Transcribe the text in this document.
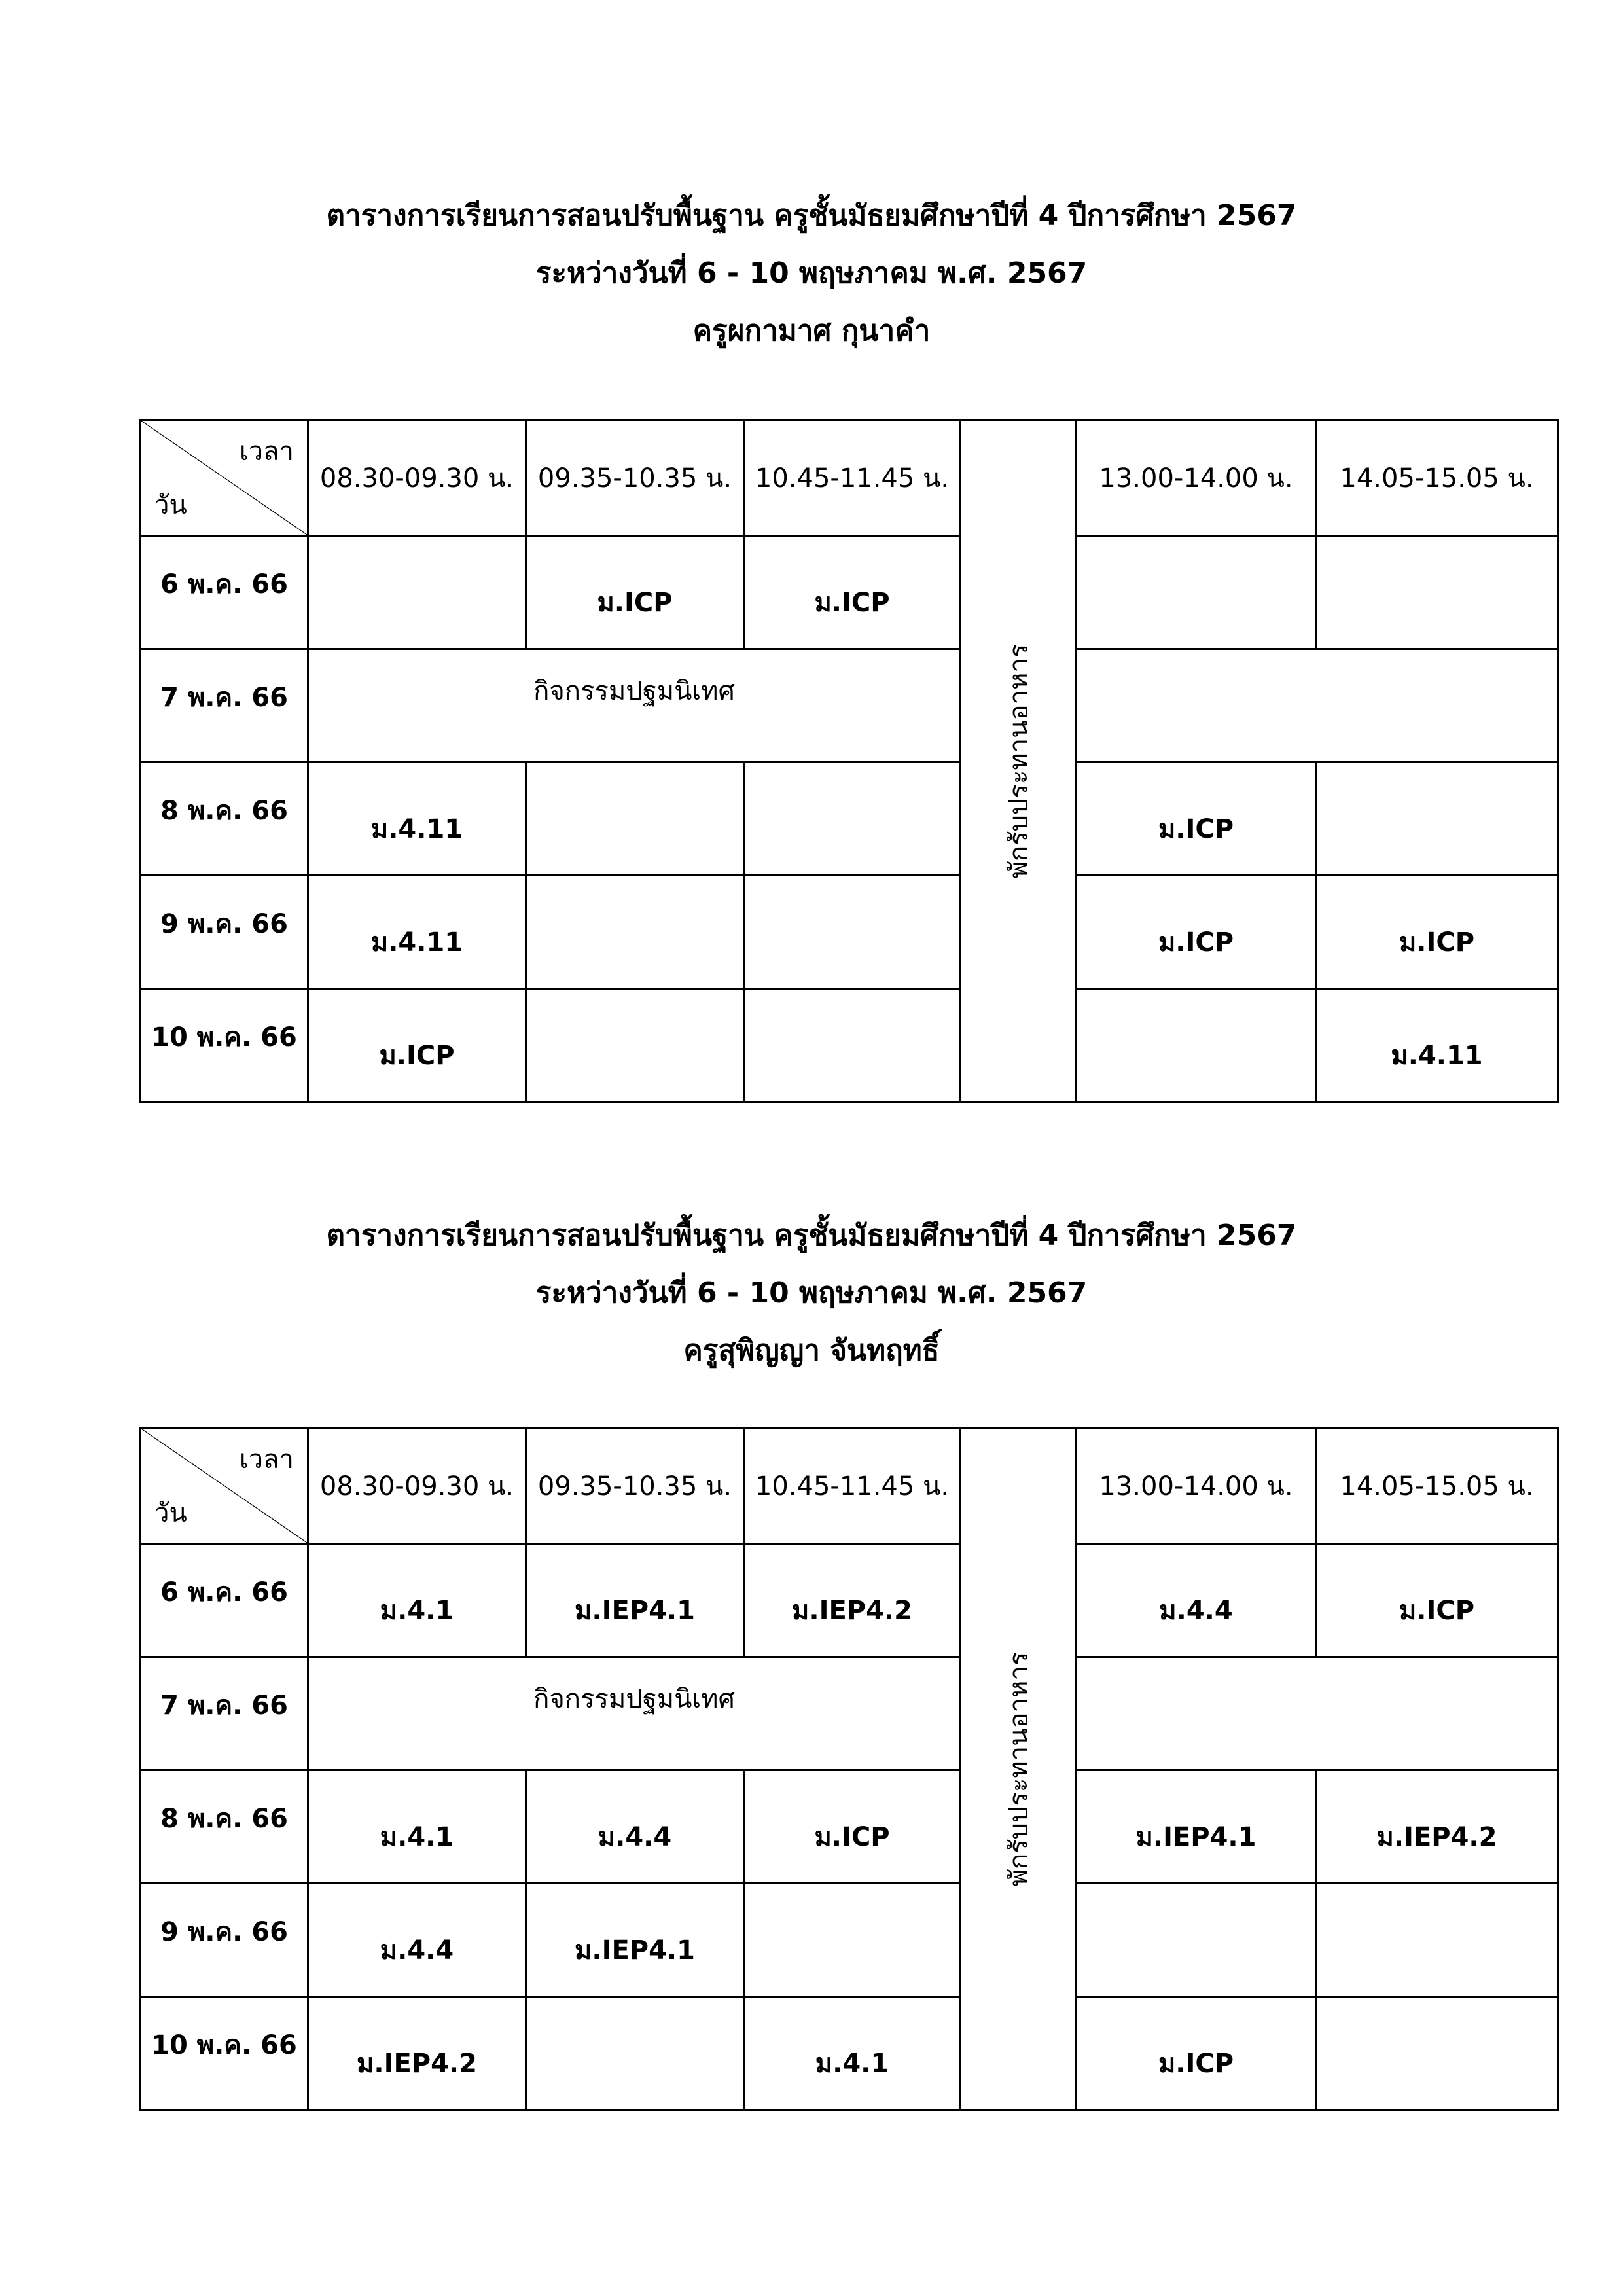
ตารางการเรียนการสอนปรับพื้นฐาน ครูชั้นมัธยมศึกษาปีที่ 4 ปีการศึกษา 2567
ระหว่างวันที่ 6 - 10 พฤษภาคม พ.ศ. 2567
ครูผกามาศ กุนาคำ
เวลา
วัน	08.30-09.30 น.	09.35-10.35 น.	10.45-11.45 น.	พักรับประทานอาหาร	13.00-14.00 น.	14.05-15.05 น.
6 พ.ค. 66		ม.ICP	ม.ICP			
7 พ.ค. 66	กิจกรรมปฐมนิเทศ					
8 พ.ค. 66	ม.4.11				ม.ICP	
9 พ.ค. 66	ม.4.11				ม.ICP	ม.ICP
10 พ.ค. 66	ม.ICP					ม.4.11
ตารางการเรียนการสอนปรับพื้นฐาน ครูชั้นมัธยมศึกษาปีที่ 4 ปีการศึกษา 2567
ระหว่างวันที่ 6 - 10 พฤษภาคม พ.ศ. 2567
ครูสุพิญญา จันทฤทธิ์
เวลา
วัน	08.30-09.30 น.	09.35-10.35 น.	10.45-11.45 น.	พักรับประทานอาหาร	13.00-14.00 น.	14.05-15.05 น.
6 พ.ค. 66	ม.4.1	ม.IEP4.1	ม.IEP4.2		ม.4.4	ม.ICP
7 พ.ค. 66	กิจกรรมปฐมนิเทศ					
8 พ.ค. 66	ม.4.1	ม.4.4	ม.ICP		ม.IEP4.1	ม.IEP4.2
9 พ.ค. 66	ม.4.4	ม.IEP4.1				
10 พ.ค. 66	ม.IEP4.2		ม.4.1		ม.ICP	
